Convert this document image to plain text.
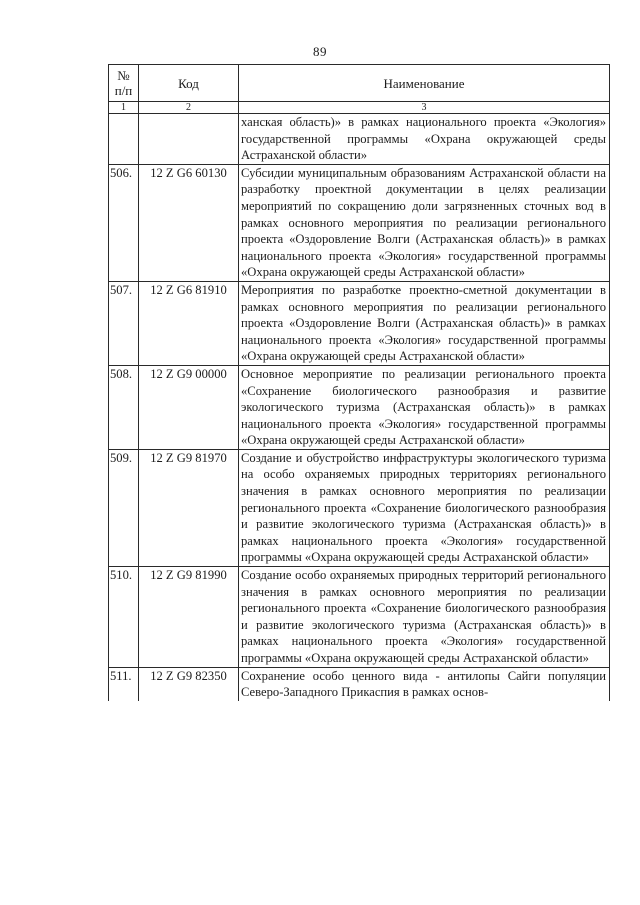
89
№ п/п	Код	Наименование
1	2	3
		ханская область)» в рамках национального проекта «Экология» государственной программы «Охрана окружающей среды Астраханской области»
506.	12 Z G6 60130	Субсидии муниципальным образованиям Астраханской области на разработку проектной документации в целях реализации мероприятий по сокращению доли загрязненных сточных вод в рамках основного мероприятия по реализации регионального проекта «Оздоровление Волги (Астраханская область)» в рамках национального проекта «Экология» государственной программы «Охрана окружающей среды Астраханской области»
507.	12 Z G6 81910	Мероприятия по разработке проектно-сметной документации в рамках основного мероприятия по реализации регионального проекта «Оздоровление Волги (Астраханская область)» в рамках национального проекта «Экология» государственной программы «Охрана окружающей среды Астраханской области»
508.	12 Z G9 00000	Основное мероприятие по реализации регионального проекта «Сохранение биологического разнообразия и развитие экологического туризма (Астраханская область)» в рамках национального проекта «Экология» государственной программы «Охрана окружающей среды Астраханской области»
509.	12 Z G9 81970	Создание и обустройство инфраструктуры экологического туризма на особо охраняемых природных территориях регионального значения в рамках основного мероприятия по реализации регионального проекта «Сохранение биологического разнообразия и развитие экологического туризма (Астраханская область)» в рамках национального проекта «Экология» государственной программы «Охрана окружающей среды Астраханской области»
510.	12 Z G9 81990	Создание особо охраняемых природных территорий регионального значения в рамках основного мероприятия по реализации регионального проекта «Сохранение биологического разнообразия и развитие экологического туризма (Астраханская область)» в рамках национального проекта «Экология» государственной программы «Охрана окружающей среды Астраханской области»
511.	12 Z G9 82350	Сохранение особо ценного вида - антилопы Сайги популяции Северо-Западного Прикаспия в рамках основ-
